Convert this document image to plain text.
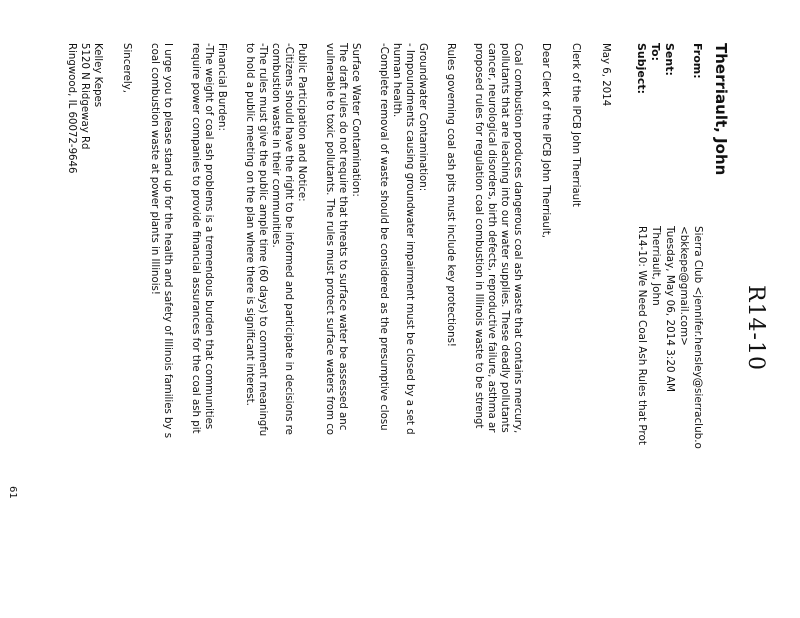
R14-10
Therriault, John
From:
Sierra Club <jennifer.hensley@sierraclub.o
<bkkepe@gmail.com>
Sent:
Tuesday, May 06, 2014 3:20 AM
To:
Therriault, John
Subject:
R14-10: We Need Coal Ash Rules that Prot

May 6, 2014

Clerk of the IPCB John Therriault

Dear Clerk of the IPCB John Therriault,

Coal combustion produces dangerous coal ash waste that contains mercury,

pollutants that are leaching into our water supplies. These deadly pollutants

cancer, neurological disorders, birth defects, reproductive failure, asthma ar

proposed rules for regulation coal combustion in Illinois waste to be strengt

Rules governing coal ash pits must include key protections!

Groundwater Contamination:

- Impoundments causing groundwater impairment must be closed by a set d

human health.

-Complete removal of waste should be considered as the presumptive closu

Surface Water Contamination:

The draft rules do not require that threats to surface water be assessed anc

vulnerable to toxic pollutants. The rules must protect surface waters from co

Public Participation and Notice:

-Citizens should have the right to be informed and participate in decisions re

combustion waste in their communities.

-The rules must give the public ample time (60 days) to comment meaningfu

to hold a public meeting on the plan where there is significant interest.

Financial Burden:

-The weight of coal ash problems is a tremendous burden that communities

require power companies to provide financial assurances for the coal ash pit

I urge you to please stand up for the health and safety of Illinois families by s

coal combustion waste at power plants in Illinois!

Sincerely,

Kelley Kepes

5120 N Ridgeway Rd

Ringwood, IL 60072-9646

61
